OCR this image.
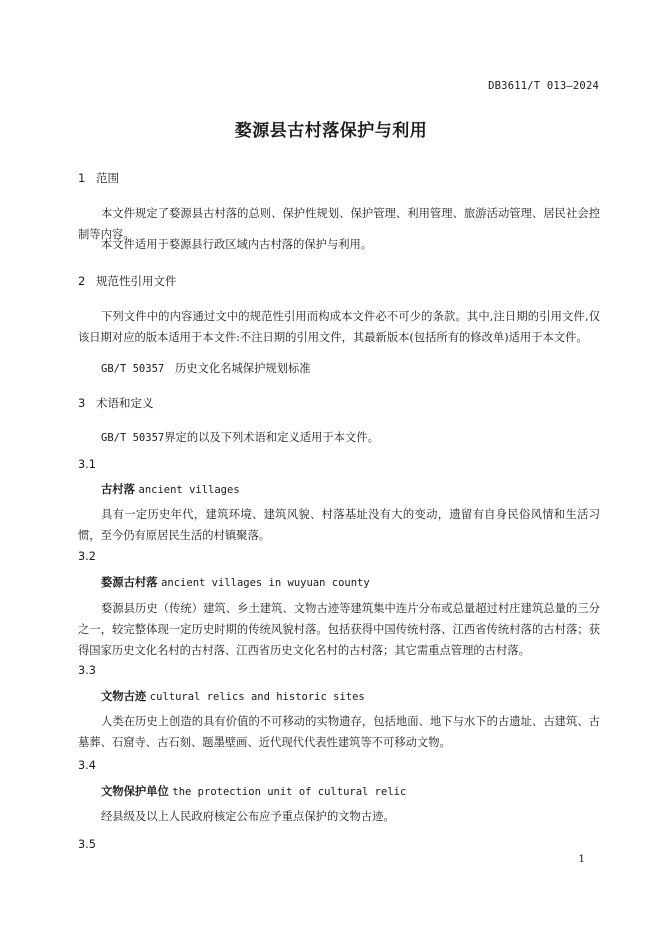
DB3611/T 013—2024
婺源县古村落保护与利用
1 范围
本文件规定了婺源县古村落的总则、保护性规划、保护管理、利用管理、旅游活动管理、居民社会控制等内容。
本文件适用于婺源县行政区域内古村落的保护与利用。
2 规范性引用文件
下列文件中的内容通过文中的规范性引用而构成本文件必不可少的条款。其中,注日期的引用文件,仅该日期对应的版本适用于本文件:不注日期的引用文件，其最新版本(包括所有的修改单)适用于本文件。
GB/T 50357 历史文化名城保护规划标准
3 术语和定义
GB/T 50357界定的以及下列术语和定义适用于本文件。
3.1
古村落 ancient villages
具有一定历史年代，建筑环境、建筑风貌、村落基址没有大的变动，遗留有自身民俗风情和生活习惯，至今仍有原居民生活的村镇聚落。
3.2
婺源古村落 ancient villages in wuyuan county
婺源县历史（传统）建筑、乡土建筑、文物古迹等建筑集中连片分布或总量超过村庄建筑总量的三分之一，较完整体现一定历史时期的传统风貌村落。包括获得中国传统村落、江西省传统村落的古村落；获得国家历史文化名村的古村落、江西省历史文化名村的古村落；其它需重点管理的古村落。
3.3
文物古迹 cultural relics and historic sites
人类在历史上创造的具有价值的不可移动的实物遗存，包括地面、地下与水下的古遗址、古建筑、古墓葬、石窟寺、古石刻、题墨壁画、近代现代代表性建筑等不可移动文物。
3.4
文物保护单位 the protection unit of cultural relic
经县级及以上人民政府核定公布应予重点保护的文物古迹。
3.5
1
